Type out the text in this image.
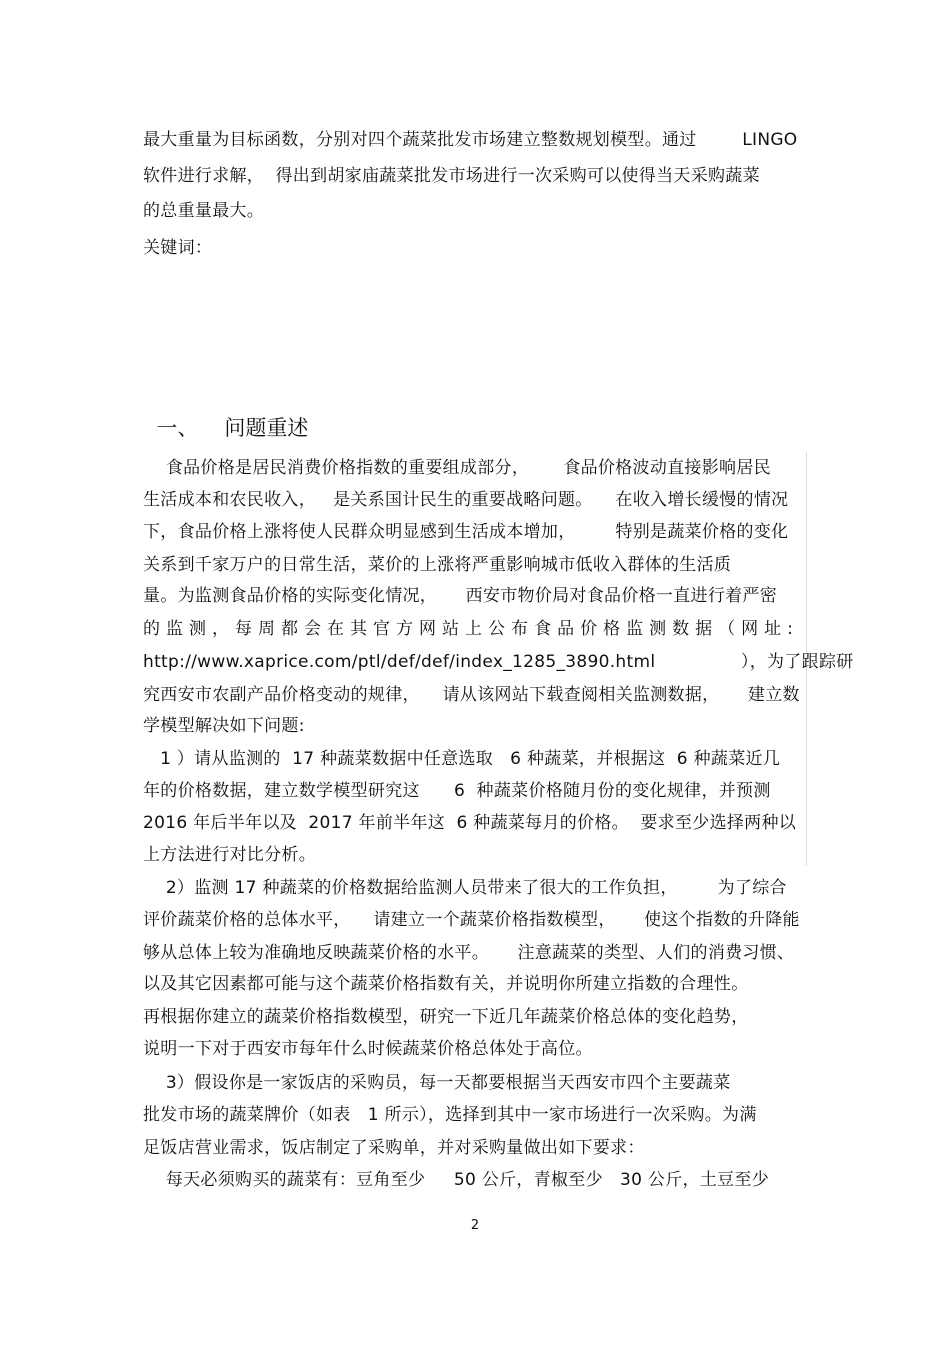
最大重量为目标函数，分别对四个蔬菜批发市场建立整数规划模型。通过        LINGO
软件进行求解，  得出到胡家庙蔬菜批发市场进行一次采购可以使得当天采购蔬菜
的总重量最大。
关键词：

一、 问题重述

食品价格是居民消费价格指数的重要组成部分，      食品价格波动直接影响居民
生活成本和农民收入，   是关系国计民生的重要战略问题。    在收入增长缓慢的情况
下，食品价格上涨将使人民群众明显感到生活成本增加，       特别是蔬菜价格的变化
关系到千家万户的日常生活，菜价的上涨将严重影响城市低收入群体的生活质
量。为监测食品价格的实际变化情况，     西安市物价局对食品价格一直进行着严密
的 监 测 ， 每 周 都 会 在 其 官 方 网 站 上 公 布 食 品 价 格 监 测 数 据 （ 网 址 :
http://www.xaprice.com/ptl/def/def/index_1285_3890.html               ），为了跟踪研
究西安市农副产品价格变动的规律，    请从该网站下载查阅相关监测数据，     建立数
学模型解决如下问题:
1 ）请从监测的  17 种蔬菜数据中任意选取   6 种蔬菜，并根据这  6 种蔬菜近几
年的价格数据，建立数学模型研究这      6  种蔬菜价格随月份的变化规律，并预测
2016 年后半年以及  2017 年前半年这  6 种蔬菜每月的价格。  要求至少选择两种以
上方法进行对比分析。
2）监测 17 种蔬菜的价格数据给监测人员带来了很大的工作负担，       为了综合
评价蔬菜价格的总体水平，    请建立一个蔬菜价格指数模型，     使这个指数的升降能
够从总体上较为准确地反映蔬菜价格的水平。     注意蔬菜的类型、人们的消费习惯、
以及其它因素都可能与这个蔬菜价格指数有关，并说明你所建立指数的合理性。
再根据你建立的蔬菜价格指数模型，研究一下近几年蔬菜价格总体的变化趋势，
说明一下对于西安市每年什么时候蔬菜价格总体处于高位。
3）假设你是一家饭店的采购员，每一天都要根据当天西安市四个主要蔬菜
批发市场的蔬菜牌价（如表   1 所示），选择到其中一家市场进行一次采购。为满
足饭店营业需求，饭店制定了采购单，并对采购量做出如下要求：
每天必须购买的蔬菜有：豆角至少     50 公斤，青椒至少   30 公斤，土豆至少
2
